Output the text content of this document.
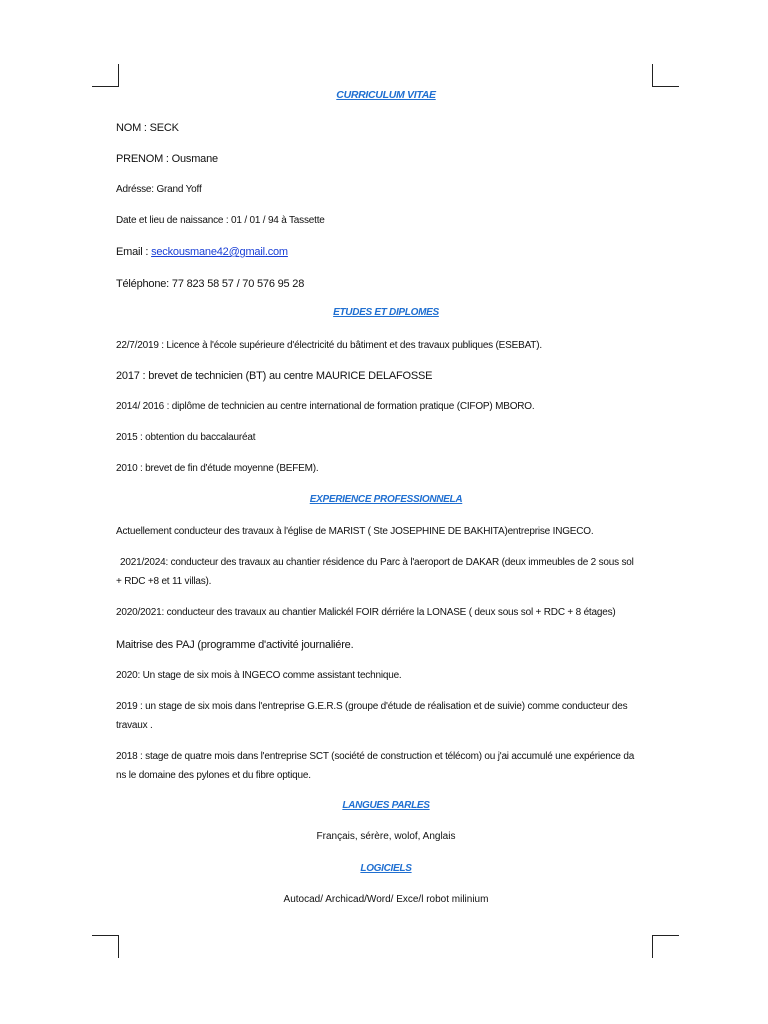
CURRICULUM VITAE
NOM : SECK
PRENOM : Ousmane
Adrésse: Grand Yoff
Date et lieu de naissance : 01 / 01 / 94 à Tassette
Email : seckousmane42@gmail.com
Téléphone: 77 823 58 57 / 70 576 95 28
ETUDES ET DIPLOMES
22/7/2019 : Licence à l'école supérieure d'électricité du bâtiment et des travaux publiques (ESEBAT).
2017 : brevet de technicien (BT) au centre MAURICE DELAFOSSE
2014/ 2016 : diplôme de technicien au centre international de formation pratique (CIFOP) MBORO.
2015 : obtention du baccalauréat
2010 : brevet de fin d'étude moyenne (BEFEM).
EXPERIENCE PROFESSIONNELA
Actuellement conducteur des travaux à l'église de MARIST ( Ste JOSEPHINE DE BAKHITA)entreprise INGECO.
2021/2024: conducteur des travaux au chantier résidence du Parc à l'aeroport de DAKAR (deux immeubles de 2 sous sol
+ RDC +8 et 11 villas).
2020/2021: conducteur des travaux au chantier Malickél FOIR dérriére la LONASE ( deux sous sol + RDC + 8 étages)
Maitrise des PAJ (programme d'activité journaliére.
2020: Un stage de six mois à INGECO comme assistant technique.
2019 : un stage de six mois dans l'entreprise G.E.R.S (groupe d'étude de réalisation et de suivie) comme conducteur des
travaux .
2018 : stage de quatre mois dans l'entreprise SCT (société de construction et télécom) ou j'ai accumulé une expérience da
ns le domaine des pylones et du fibre optique.
LANGUES PARLES
Français, sérère, wolof, Anglais
LOGICIELS
Autocad/ Archicad/Word/ Exce/l robot milinium
